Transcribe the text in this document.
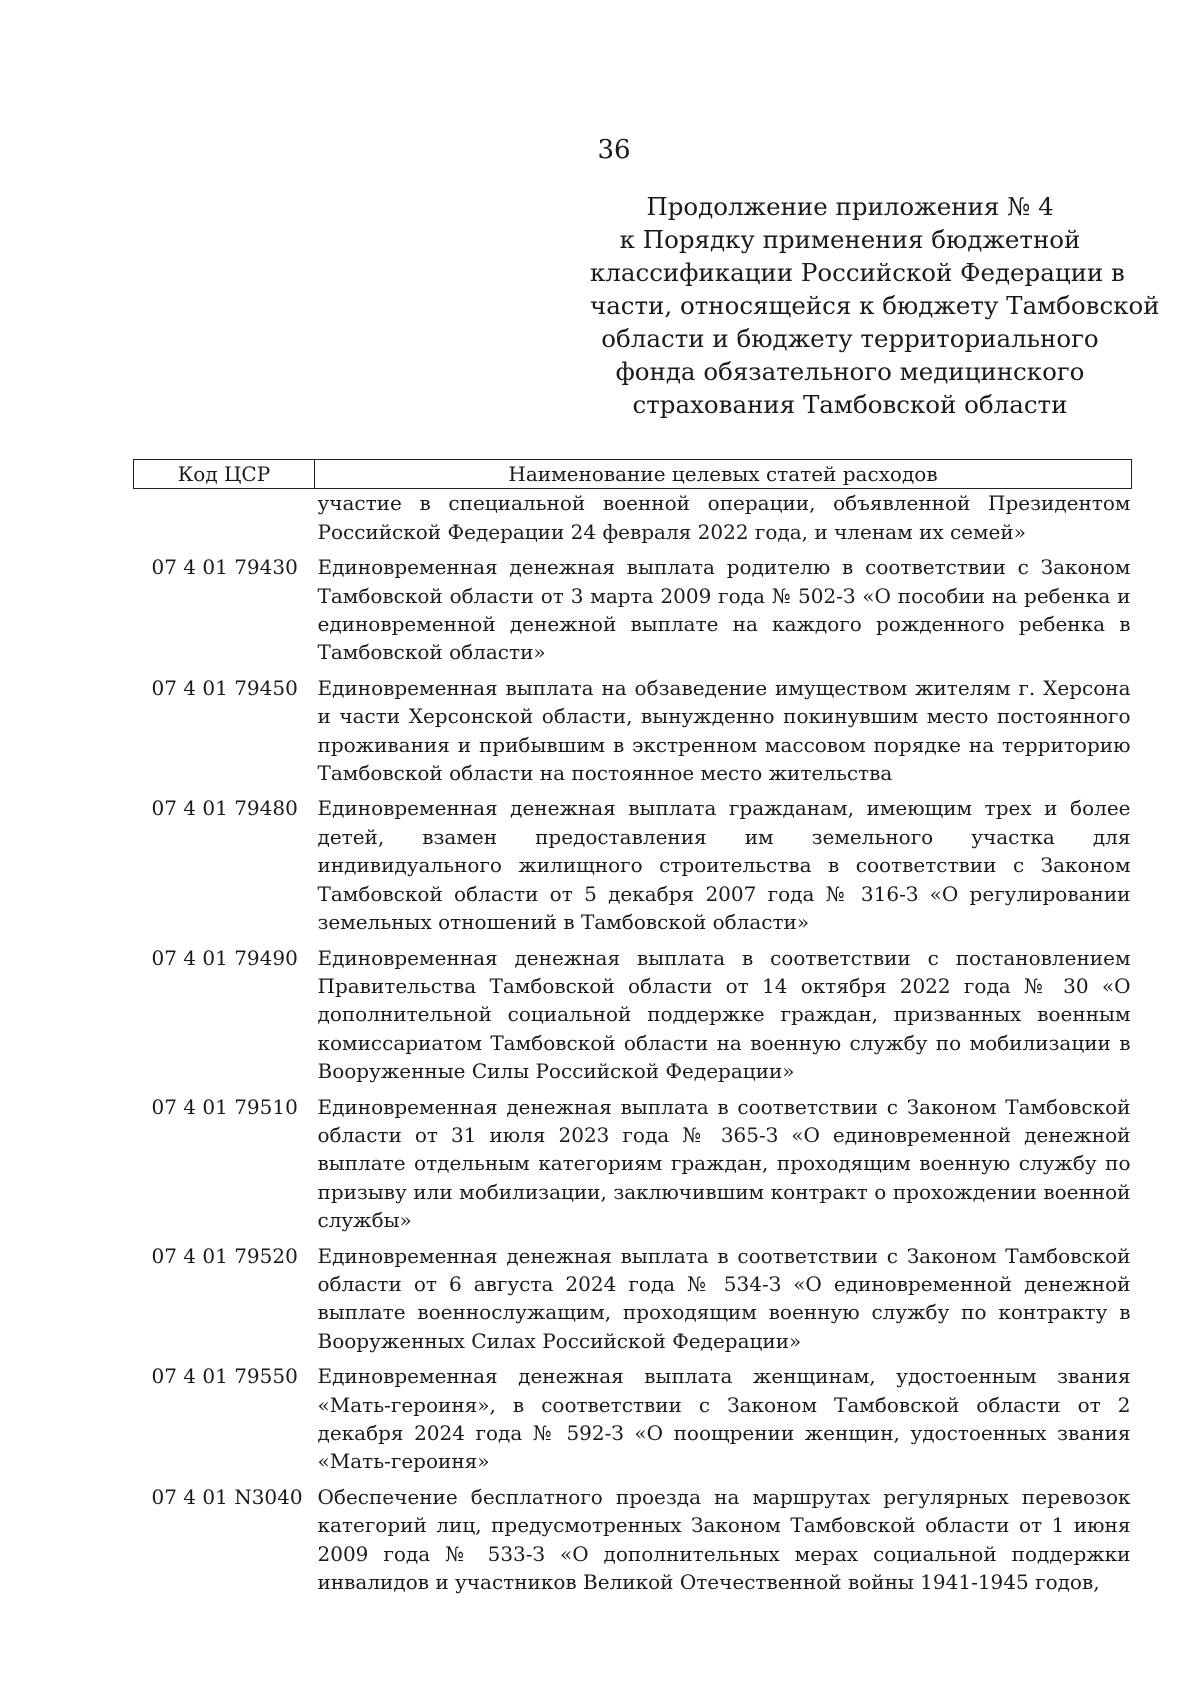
36
Продолжение приложения № 4
к Порядку применения бюджетной
классификации Российской Федерации в
части, относящейся к бюджету Тамбовской
области и бюджету территориального
фонда обязательного медицинского
страхования Тамбовской области
Код ЦСР	Наименование целевых статей расходов
	участие в специальной военной операции, объявленной Президентом Российской Федерации 24 февраля 2022 года, и членам их семей»
07 4 01 79430	Единовременная денежная выплата родителю в соответствии с Законом Тамбовской области от 3 марта 2009 года № 502-З «О пособии на ребенка и единовременной денежной выплате на каждого рожденного ребенка в Тамбовской области»
07 4 01 79450	Единовременная выплата на обзаведение имуществом жителям г. Херсона и части Херсонской области, вынужденно покинувшим место постоянного проживания и прибывшим в экстренном массовом порядке на территорию Тамбовской области на постоянное место жительства
07 4 01 79480	Единовременная денежная выплата гражданам, имеющим трех и более детей, взамен предоставления им земельного участка для индивидуального жилищного строительства в соответствии с Законом Тамбовской области от 5 декабря 2007 года № 316-З «О регулировании земельных отношений в Тамбовской области»
07 4 01 79490	Единовременная денежная выплата в соответствии с постановлением Правительства Тамбовской области от 14 октября 2022 года № 30 «О дополнительной социальной поддержке граждан, призванных военным комиссариатом Тамбовской области на военную службу по мобилизации в Вооруженные Силы Российской Федерации»
07 4 01 79510	Единовременная денежная выплата в соответствии с Законом Тамбовской области от 31 июля 2023 года № 365-З «О единовременной денежной выплате отдельным категориям граждан, проходящим военную службу по призыву или мобилизации, заключившим контракт о прохождении военной службы»
07 4 01 79520	Единовременная денежная выплата в соответствии с Законом Тамбовской области от 6 августа 2024 года № 534-З «О единовременной денежной выплате военнослужащим, проходящим военную службу по контракту в Вооруженных Силах Российской Федерации»
07 4 01 79550	Единовременная денежная выплата женщинам, удостоенным звания «Мать-героиня», в соответствии с Законом Тамбовской области от 2 декабря 2024 года № 592-З «О поощрении женщин, удостоенных звания «Мать-героиня»
07 4 01 N3040	Обеспечение бесплатного проезда на маршрутах регулярных перевозок категорий лиц, предусмотренных Законом Тамбовской области от 1 июня 2009 года № 533-З «О дополнительных мерах социальной поддержки инвалидов и участников Великой Отечественной войны 1941-1945 годов,
